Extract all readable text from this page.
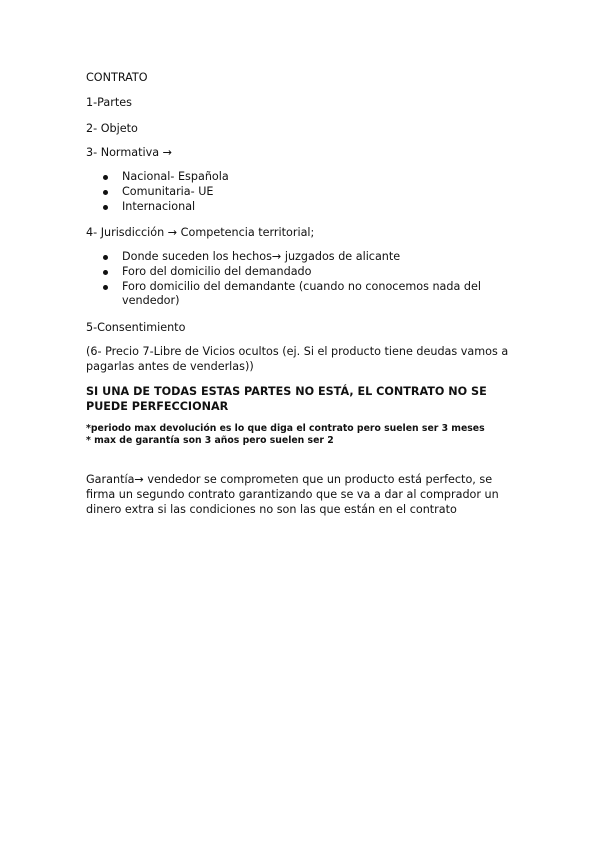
CONTRATO
1-Partes
2- Objeto
3- Normativa →
Nacional- Española
Comunitaria- UE
Internacional
4- Jurisdicción → Competencia territorial;
Donde suceden los hechos→ juzgados de alicante
Foro del domicilio del demandado
Foro domicilio del demandante (cuando no conocemos nada del vendedor)
5-Consentimiento
(6- Precio 7-Libre de Vicios ocultos (ej. Si el producto tiene deudas vamos a pagarlas antes de venderlas))
SI UNA DE TODAS ESTAS PARTES NO ESTÁ, EL CONTRATO NO SE PUEDE PERFECCIONAR
*periodo max devolución es lo que diga el contrato pero suelen ser 3 meses
* max de garantía son 3 años pero suelen ser 2
Garantía→ vendedor se comprometen que un producto está perfecto, se firma un segundo contrato garantizando que se va a dar al comprador un dinero extra si las condiciones no son las que están en el contrato
